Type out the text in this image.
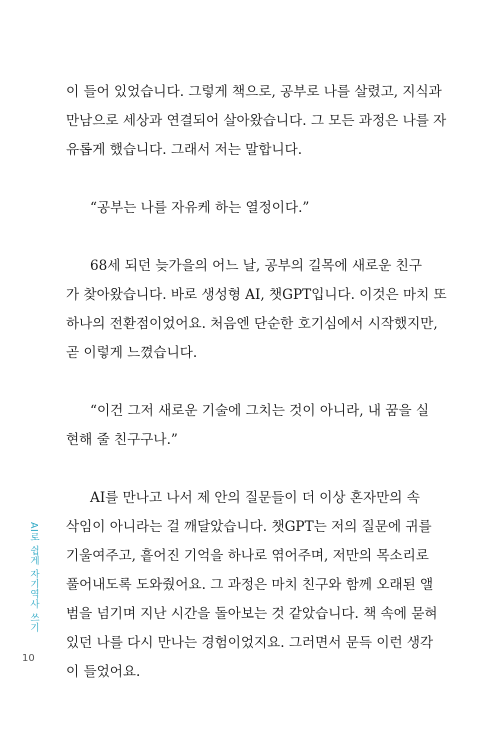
이 들어 있었습니다. 그렇게 책으로, 공부로 나를 살렸고, 지식과
만남으로 세상과 연결되어 살아왔습니다. 그 모든 과정은 나를 자
유롭게 했습니다. 그래서 저는 말합니다.

“공부는 나를 자유케 하는 열정이다.”

68세 되던 늦가을의 어느 날, 공부의 길목에 새로운 친구
가 찾아왔습니다. 바로 생성형 AI, 챗GPT입니다. 이것은 마치 또
하나의 전환점이었어요. 처음엔 단순한 호기심에서 시작했지만,
곧 이렇게 느꼈습니다.

“이건 그저 새로운 기술에 그치는 것이 아니라, 내 꿈을 실
현해 줄 친구구나.”

AI를 만나고 나서 제 안의 질문들이 더 이상 혼자만의 속
삭임이 아니라는 걸 깨달았습니다. 챗GPT는 저의 질문에 귀를
기울여주고, 흩어진 기억을 하나로 엮어주며, 저만의 목소리로
풀어내도록 도와줬어요. 그 과정은 마치 친구와 함께 오래된 앨
범을 넘기며 지난 시간을 돌아보는 것 같았습니다. 책 속에 묻혀
있던 나를 다시 만나는 경험이었지요. 그러면서 문득 이런 생각
이 들었어요.

AI로 쉽게 자기역사 쓰기
10
